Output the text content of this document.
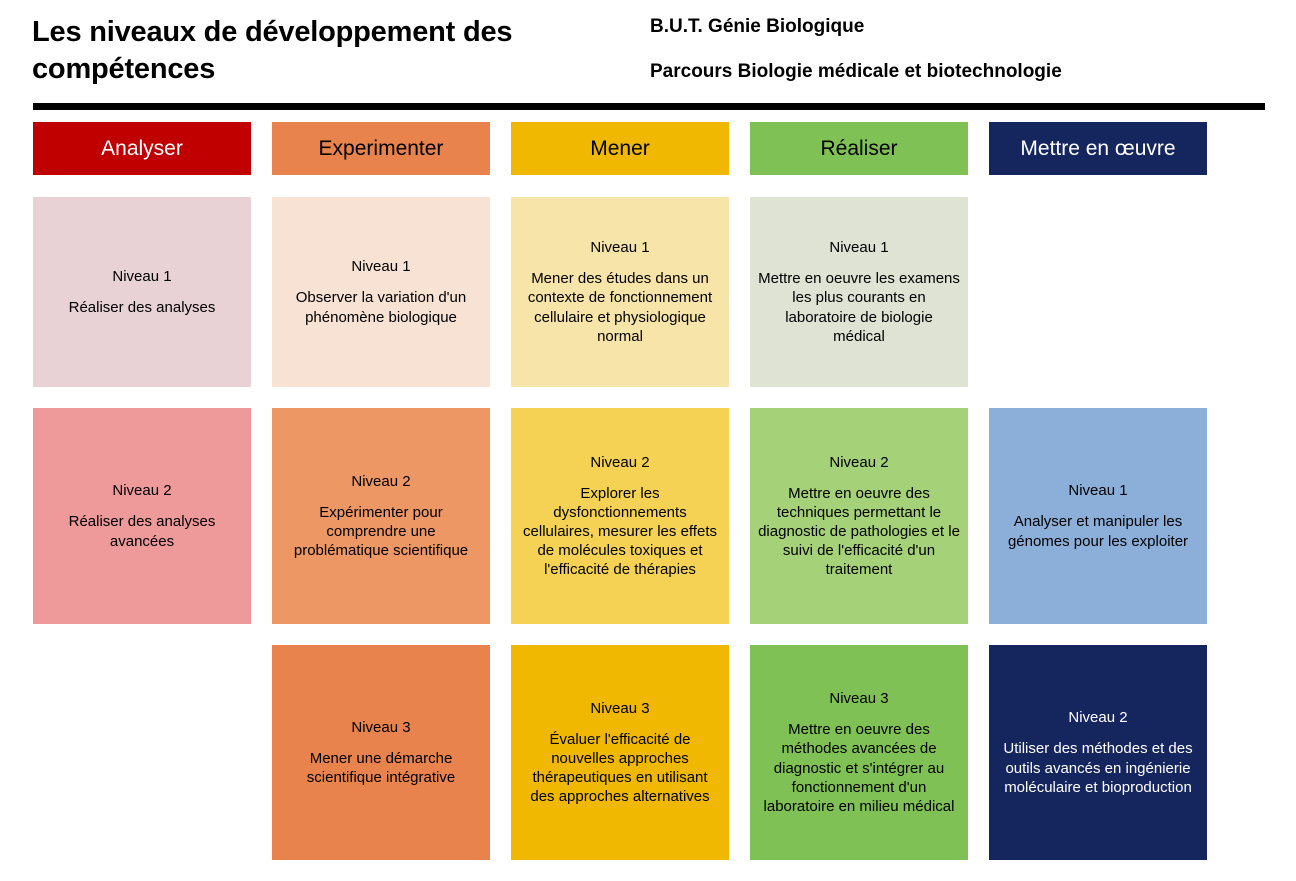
Les niveaux de développement des compétences

B.U.T. Génie Biologique

Parcours Biologie médicale et biotechnologie

Analyser
Niveau 1
Réaliser des analyses
Niveau 2
Réaliser des analyses avancées
Experimenter
Niveau 1
Observer la variation d'un phénomène biologique
Niveau 2
Expérimenter pour comprendre une problématique scientifique
Niveau 3
Mener une démarche scientifique intégrative
Mener
Niveau 1
Mener des études dans un contexte de fonctionnement cellulaire et physiologique normal
Niveau 2
Explorer les dysfonctionnements cellulaires, mesurer les effets de molécules toxiques et l'efficacité de thérapies
Niveau 3
Évaluer l'efficacité de nouvelles approches thérapeutiques en utilisant des approches alternatives
Réaliser
Niveau 1
Mettre en oeuvre les examens les plus courants en laboratoire de biologie médical
Niveau 2
Mettre en oeuvre des techniques permettant le diagnostic de pathologies et le suivi de l'efficacité d'un traitement
Niveau 3
Mettre en oeuvre des méthodes avancées de diagnostic et s'intégrer au fonctionnement d'un laboratoire en milieu médical
Mettre en œuvre
Niveau 1
Analyser et manipuler les génomes pour les exploiter
Niveau 2
Utiliser des méthodes et des outils avancés en ingénierie moléculaire et bioproduction
